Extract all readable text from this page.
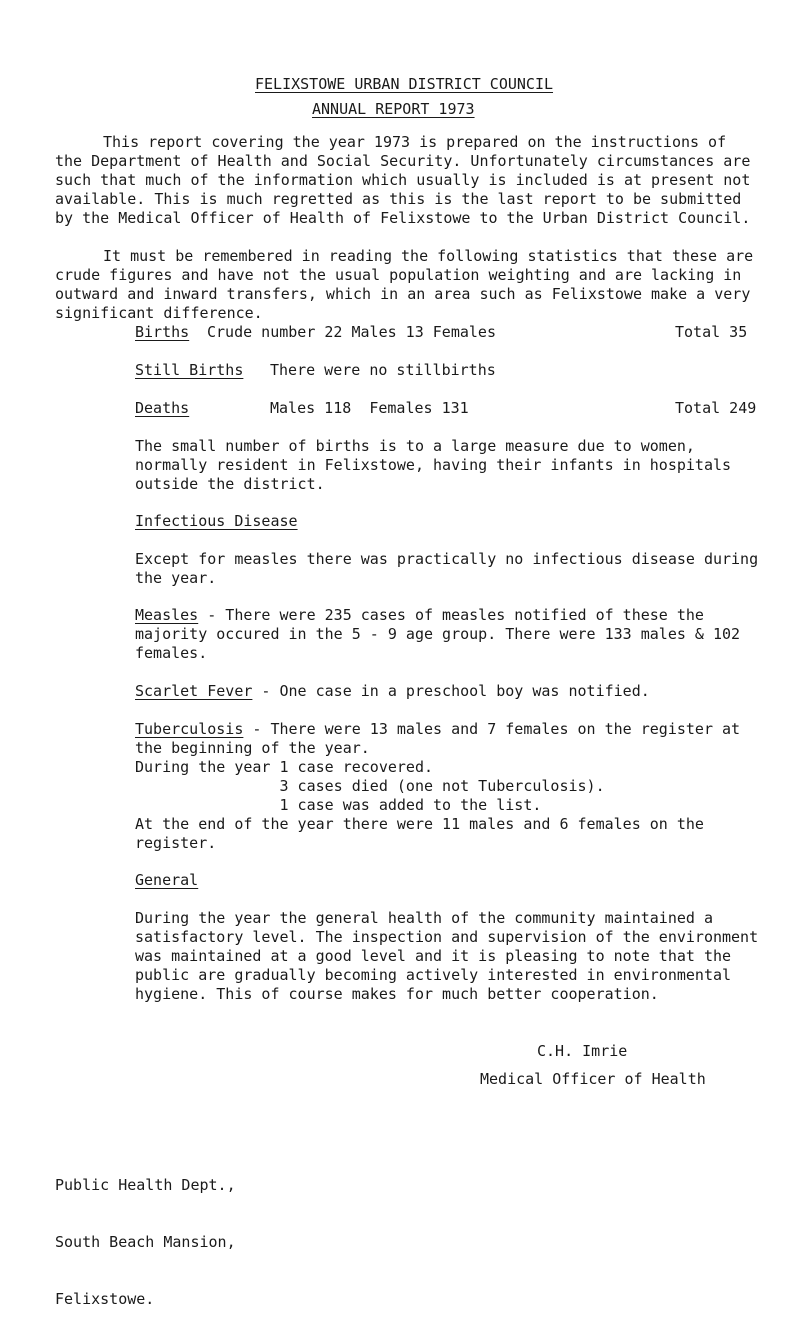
FELIXSTOWE URBAN DISTRICT COUNCIL
ANNUAL REPORT 1973
This report covering the year 1973 is prepared on the instructions of the Department of Health and Social Security. Unfortunately circumstances are such that much of the information which usually is included is at present not available. This is much regretted as this is the last report to be submitted by the Medical Officer of Health of Felixstowe to the Urban District Council.
It must be remembered in reading the following statistics that these are crude figures and have not the usual population weighting and are lacking in outward and inward transfers, which in an area such as Felixstowe make a very significant difference.
Births Crude number 22 Males 13 Females	Total 35
Still Births There were no stillbirths
Deaths	Males 118  Females 131	Total 249
The small number of births is to a large measure due to women, normally resident in Felixstowe, having their infants in hospitals outside the district.
Infectious Disease
Except for measles there was practically no infectious disease during the year.
Measles - There were 235 cases of measles notified of these the majority occured in the 5 - 9 age group. There were 133 males & 102 females.
Scarlet Fever - One case in a preschool boy was notified.
Tuberculosis - There were 13 males and 7 females on the register at the beginning of the year.
During the year 1 case recovered.
3 cases died (one not Tuberculosis).
1 case was added to the list.
At the end of the year there were 11 males and 6 females on the register.
General
During the year the general health of the community maintained a satisfactory level. The inspection and supervision of the environment was maintained at a good level and it is pleasing to note that the public are gradually becoming actively interested in environmental hygiene. This of course makes for much better cooperation.
C.H. Imrie
Medical Officer of Health

Public Health Dept.,

South Beach Mansion,

Felixstowe.
